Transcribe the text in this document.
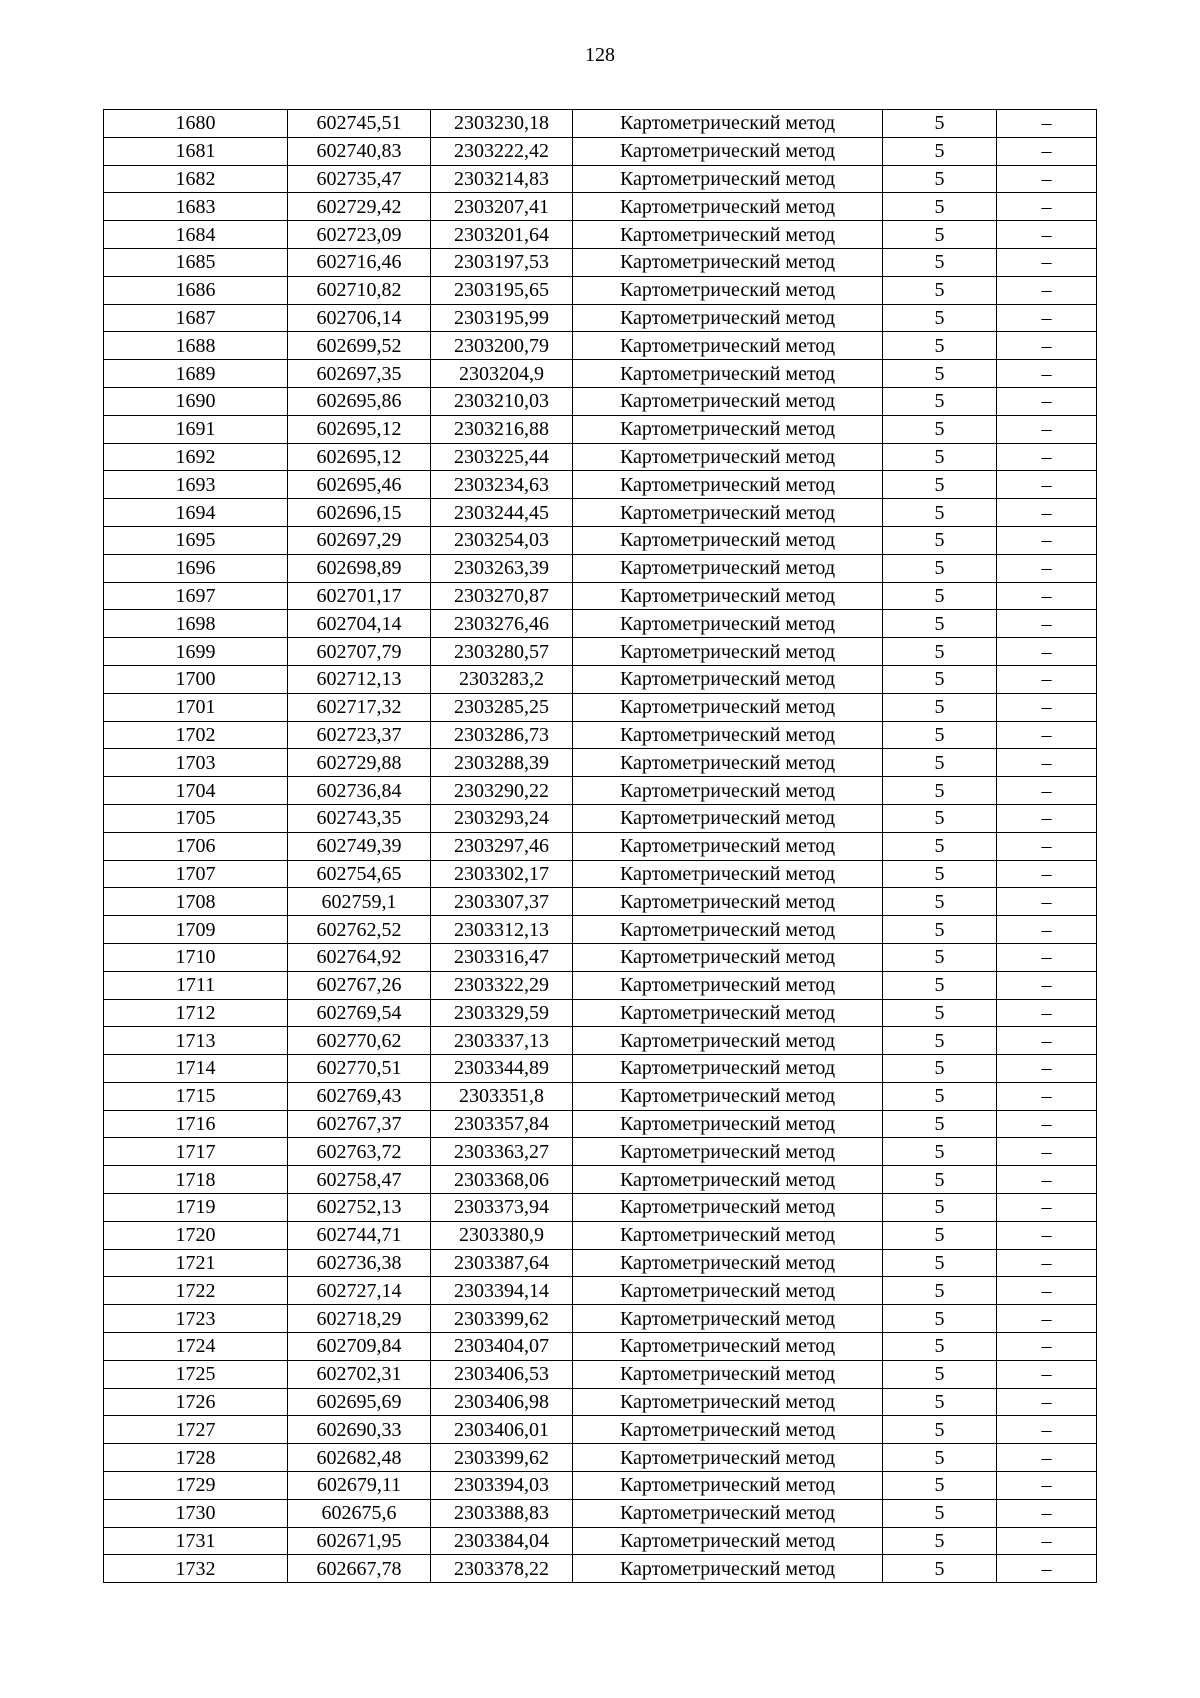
128
1680	602745,51	2303230,18	Картометрический метод	5	–
1681	602740,83	2303222,42	Картометрический метод	5	–
1682	602735,47	2303214,83	Картометрический метод	5	–
1683	602729,42	2303207,41	Картометрический метод	5	–
1684	602723,09	2303201,64	Картометрический метод	5	–
1685	602716,46	2303197,53	Картометрический метод	5	–
1686	602710,82	2303195,65	Картометрический метод	5	–
1687	602706,14	2303195,99	Картометрический метод	5	–
1688	602699,52	2303200,79	Картометрический метод	5	–
1689	602697,35	2303204,9	Картометрический метод	5	–
1690	602695,86	2303210,03	Картометрический метод	5	–
1691	602695,12	2303216,88	Картометрический метод	5	–
1692	602695,12	2303225,44	Картометрический метод	5	–
1693	602695,46	2303234,63	Картометрический метод	5	–
1694	602696,15	2303244,45	Картометрический метод	5	–
1695	602697,29	2303254,03	Картометрический метод	5	–
1696	602698,89	2303263,39	Картометрический метод	5	–
1697	602701,17	2303270,87	Картометрический метод	5	–
1698	602704,14	2303276,46	Картометрический метод	5	–
1699	602707,79	2303280,57	Картометрический метод	5	–
1700	602712,13	2303283,2	Картометрический метод	5	–
1701	602717,32	2303285,25	Картометрический метод	5	–
1702	602723,37	2303286,73	Картометрический метод	5	–
1703	602729,88	2303288,39	Картометрический метод	5	–
1704	602736,84	2303290,22	Картометрический метод	5	–
1705	602743,35	2303293,24	Картометрический метод	5	–
1706	602749,39	2303297,46	Картометрический метод	5	–
1707	602754,65	2303302,17	Картометрический метод	5	–
1708	602759,1	2303307,37	Картометрический метод	5	–
1709	602762,52	2303312,13	Картометрический метод	5	–
1710	602764,92	2303316,47	Картометрический метод	5	–
1711	602767,26	2303322,29	Картометрический метод	5	–
1712	602769,54	2303329,59	Картометрический метод	5	–
1713	602770,62	2303337,13	Картометрический метод	5	–
1714	602770,51	2303344,89	Картометрический метод	5	–
1715	602769,43	2303351,8	Картометрический метод	5	–
1716	602767,37	2303357,84	Картометрический метод	5	–
1717	602763,72	2303363,27	Картометрический метод	5	–
1718	602758,47	2303368,06	Картометрический метод	5	–
1719	602752,13	2303373,94	Картометрический метод	5	–
1720	602744,71	2303380,9	Картометрический метод	5	–
1721	602736,38	2303387,64	Картометрический метод	5	–
1722	602727,14	2303394,14	Картометрический метод	5	–
1723	602718,29	2303399,62	Картометрический метод	5	–
1724	602709,84	2303404,07	Картометрический метод	5	–
1725	602702,31	2303406,53	Картометрический метод	5	–
1726	602695,69	2303406,98	Картометрический метод	5	–
1727	602690,33	2303406,01	Картометрический метод	5	–
1728	602682,48	2303399,62	Картометрический метод	5	–
1729	602679,11	2303394,03	Картометрический метод	5	–
1730	602675,6	2303388,83	Картометрический метод	5	–
1731	602671,95	2303384,04	Картометрический метод	5	–
1732	602667,78	2303378,22	Картометрический метод	5	–
